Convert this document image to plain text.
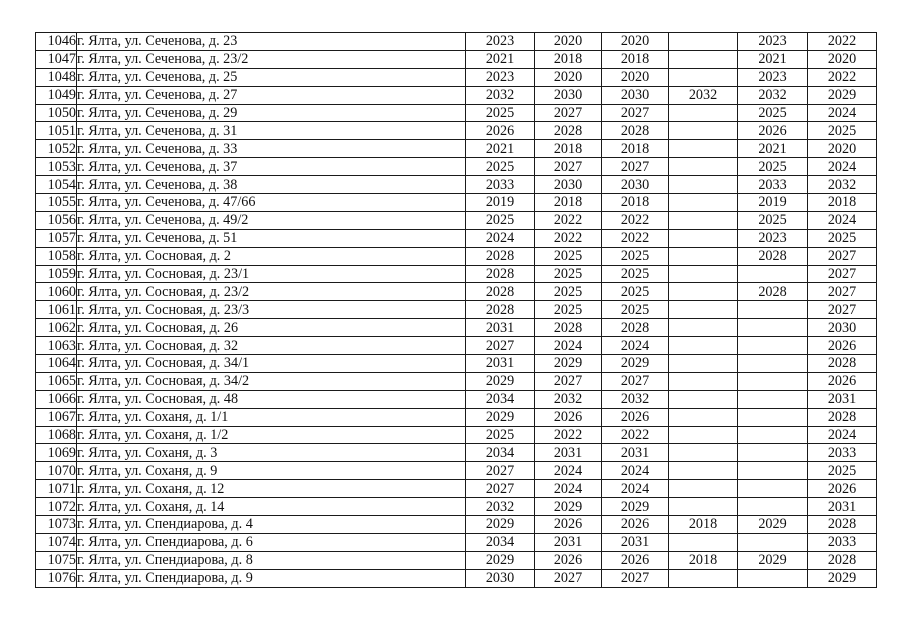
1046	г. Ялта, ул. Сеченова, д. 23	2023	2020	2020		2023	2022
1047	г. Ялта, ул. Сеченова, д. 23/2	2021	2018	2018		2021	2020
1048	г. Ялта, ул. Сеченова, д. 25	2023	2020	2020		2023	2022
1049	г. Ялта, ул. Сеченова, д. 27	2032	2030	2030	2032	2032	2029
1050	г. Ялта, ул. Сеченова, д. 29	2025	2027	2027		2025	2024
1051	г. Ялта, ул. Сеченова, д. 31	2026	2028	2028		2026	2025
1052	г. Ялта, ул. Сеченова, д. 33	2021	2018	2018		2021	2020
1053	г. Ялта, ул. Сеченова, д. 37	2025	2027	2027		2025	2024
1054	г. Ялта, ул. Сеченова, д. 38	2033	2030	2030		2033	2032
1055	г. Ялта, ул. Сеченова, д. 47/66	2019	2018	2018		2019	2018
1056	г. Ялта, ул. Сеченова, д. 49/2	2025	2022	2022		2025	2024
1057	г. Ялта, ул. Сеченова, д. 51	2024	2022	2022		2023	2025
1058	г. Ялта, ул. Сосновая, д. 2	2028	2025	2025		2028	2027
1059	г. Ялта, ул. Сосновая, д. 23/1	2028	2025	2025			2027
1060	г. Ялта, ул. Сосновая, д. 23/2	2028	2025	2025		2028	2027
1061	г. Ялта, ул. Сосновая, д. 23/3	2028	2025	2025			2027
1062	г. Ялта, ул. Сосновая, д. 26	2031	2028	2028			2030
1063	г. Ялта, ул. Сосновая, д. 32	2027	2024	2024			2026
1064	г. Ялта, ул. Сосновая, д. 34/1	2031	2029	2029			2028
1065	г. Ялта, ул. Сосновая, д. 34/2	2029	2027	2027			2026
1066	г. Ялта, ул. Сосновая, д. 48	2034	2032	2032			2031
1067	г. Ялта, ул. Соханя, д. 1/1	2029	2026	2026			2028
1068	г. Ялта, ул. Соханя, д. 1/2	2025	2022	2022			2024
1069	г. Ялта, ул. Соханя, д. 3	2034	2031	2031			2033
1070	г. Ялта, ул. Соханя, д. 9	2027	2024	2024			2025
1071	г. Ялта, ул. Соханя, д. 12	2027	2024	2024			2026
1072	г. Ялта, ул. Соханя, д. 14	2032	2029	2029			2031
1073	г. Ялта, ул. Спендиарова, д. 4	2029	2026	2026	2018	2029	2028
1074	г. Ялта, ул. Спендиарова, д. 6	2034	2031	2031			2033
1075	г. Ялта, ул. Спендиарова, д. 8	2029	2026	2026	2018	2029	2028
1076	г. Ялта, ул. Спендиарова, д. 9	2030	2027	2027			2029
